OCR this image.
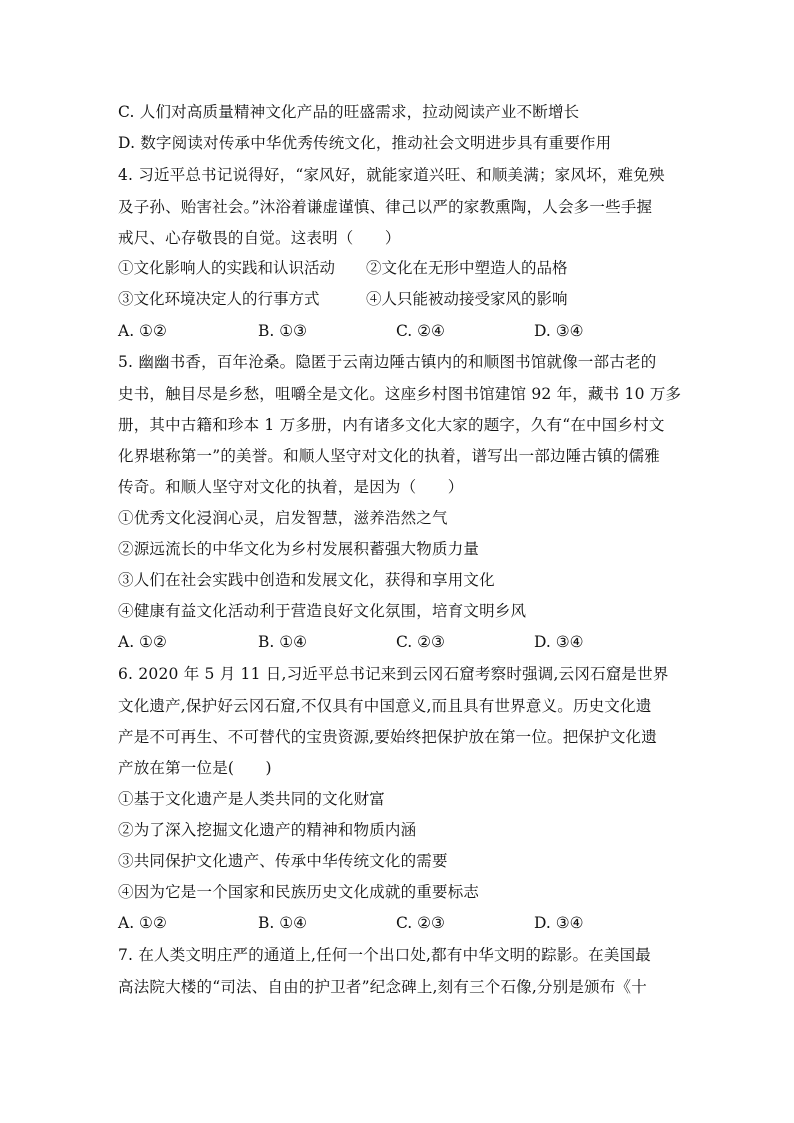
C. 人们对高质量精神文化产品的旺盛需求，拉动阅读产业不断增长
D. 数字阅读对传承中华优秀传统文化，推动社会文明进步具有重要作用
4. 习近平总书记说得好，“家风好，就能家道兴旺、和顺美满；家风坏，难免殃
及子孙、贻害社会。”沐浴着谦虚谨慎、律己以严的家教熏陶，人会多一些手握
戒尺、心存敬畏的自觉。这表明（　　）
①文化影响人的实践和认识活动 ②文化在无形中塑造人的品格
③文化环境决定人的行事方式	④人只能被动接受家风的影响
A. ①②	B. ①③	C. ②④	D. ③④
5. 幽幽书香，百年沧桑。隐匿于云南边陲古镇内的和顺图书馆就像一部古老的
史书，触目尽是乡愁，咀嚼全是文化。这座乡村图书馆建馆 92 年，藏书 10 万多
册，其中古籍和珍本 1 万多册，内有诸多文化大家的题字，久有“在中国乡村文
化界堪称第一”的美誉。和顺人坚守对文化的执着，谱写出一部边陲古镇的儒雅
传奇。和顺人坚守对文化的执着，是因为（　　）
①优秀文化浸润心灵，启发智慧，滋养浩然之气
②源远流长的中华文化为乡村发展积蓄强大物质力量
③人们在社会实践中创造和发展文化，获得和享用文化
④健康有益文化活动利于营造良好文化氛围，培育文明乡风
A. ①②	B. ①④	C. ②③	D. ③④
6. 2020 年 5 月 11 日,习近平总书记来到云冈石窟考察时强调,云冈石窟是世界
文化遗产,保护好云冈石窟,不仅具有中国意义,而且具有世界意义。历史文化遗
产是不可再生、不可替代的宝贵资源,要始终把保护放在第一位。把保护文化遗
产放在第一位是(　　)
①基于文化遗产是人类共同的文化财富
②为了深入挖掘文化遗产的精神和物质内涵
③共同保护文化遗产、传承中华传统文化的需要
④因为它是一个国家和民族历史文化成就的重要标志
A. ①②	B. ①④	C. ②③	D. ③④
7. 在人类文明庄严的通道上,任何一个出口处,都有中华文明的踪影。在美国最
高法院大楼的“司法、自由的护卫者”纪念碑上,刻有三个石像,分别是颁布《十
